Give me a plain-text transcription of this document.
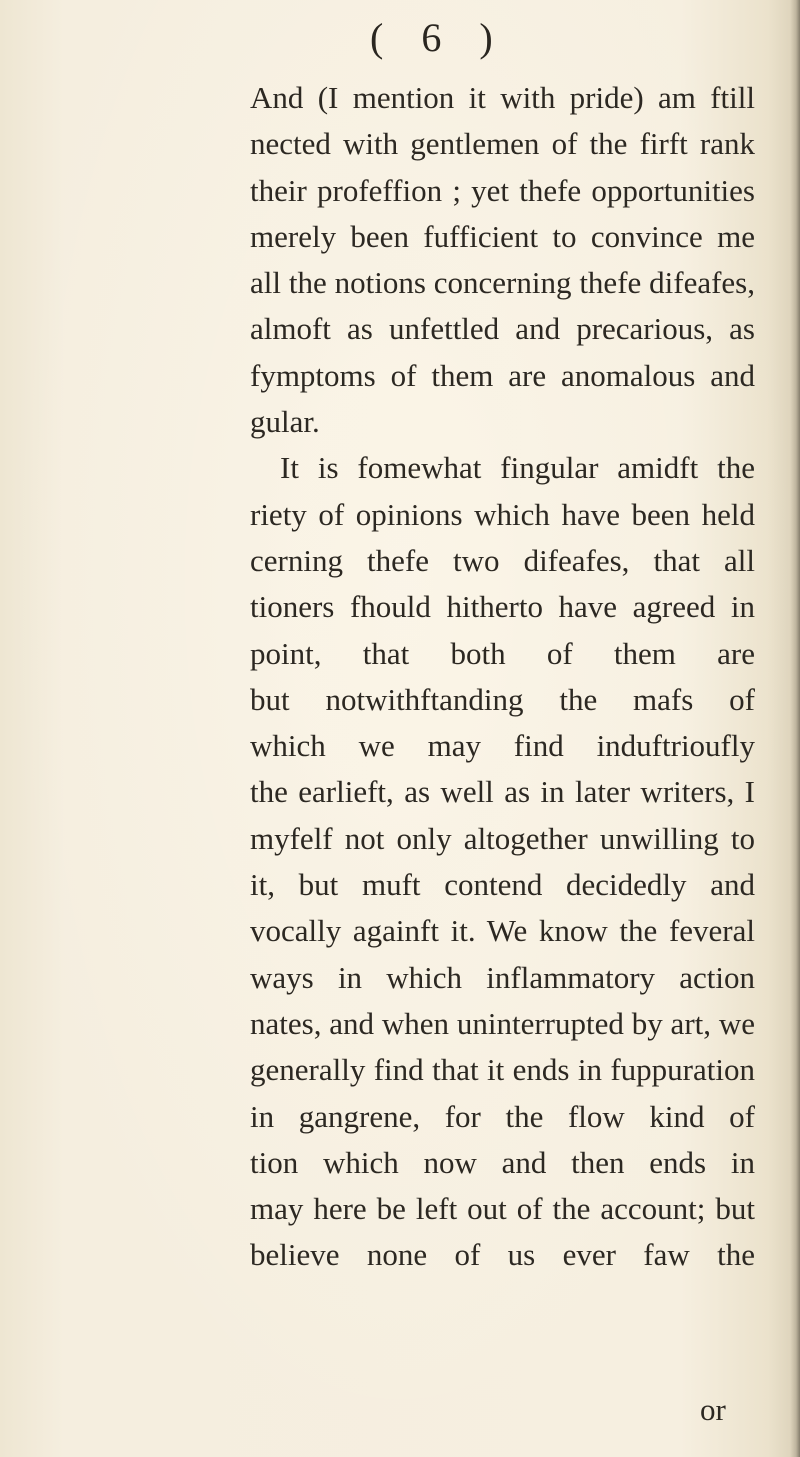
( 6 )
And (I mention it with pride) am ftill
nected with gentlemen of the firft rank
their profeffion ; yet thefe opportunities
merely been fufficient to convince me
all the notions concerning thefe difeafes,
almoft as unfettled and precarious, as
fymptoms of them are anomalous and
gular.
It is fomewhat fingular amidft the
riety of opinions which have been held
cerning thefe two difeafes, that all
tioners fhould hitherto have agreed in
point, that both of them are
but notwithftanding the mafs of
which we may find induftrioufly
the earlieft, as well as in later writers, I
myfelf not only altogether unwilling to
it, but muft contend decidedly and
vocally againft it. We know the feveral
ways in which inflammatory action
nates, and when uninterrupted by art, we
generally find that it ends in fuppuration
in gangrene, for the flow kind of
tion which now and then ends in
may here be left out of the account; but
believe none of us ever faw the
or
